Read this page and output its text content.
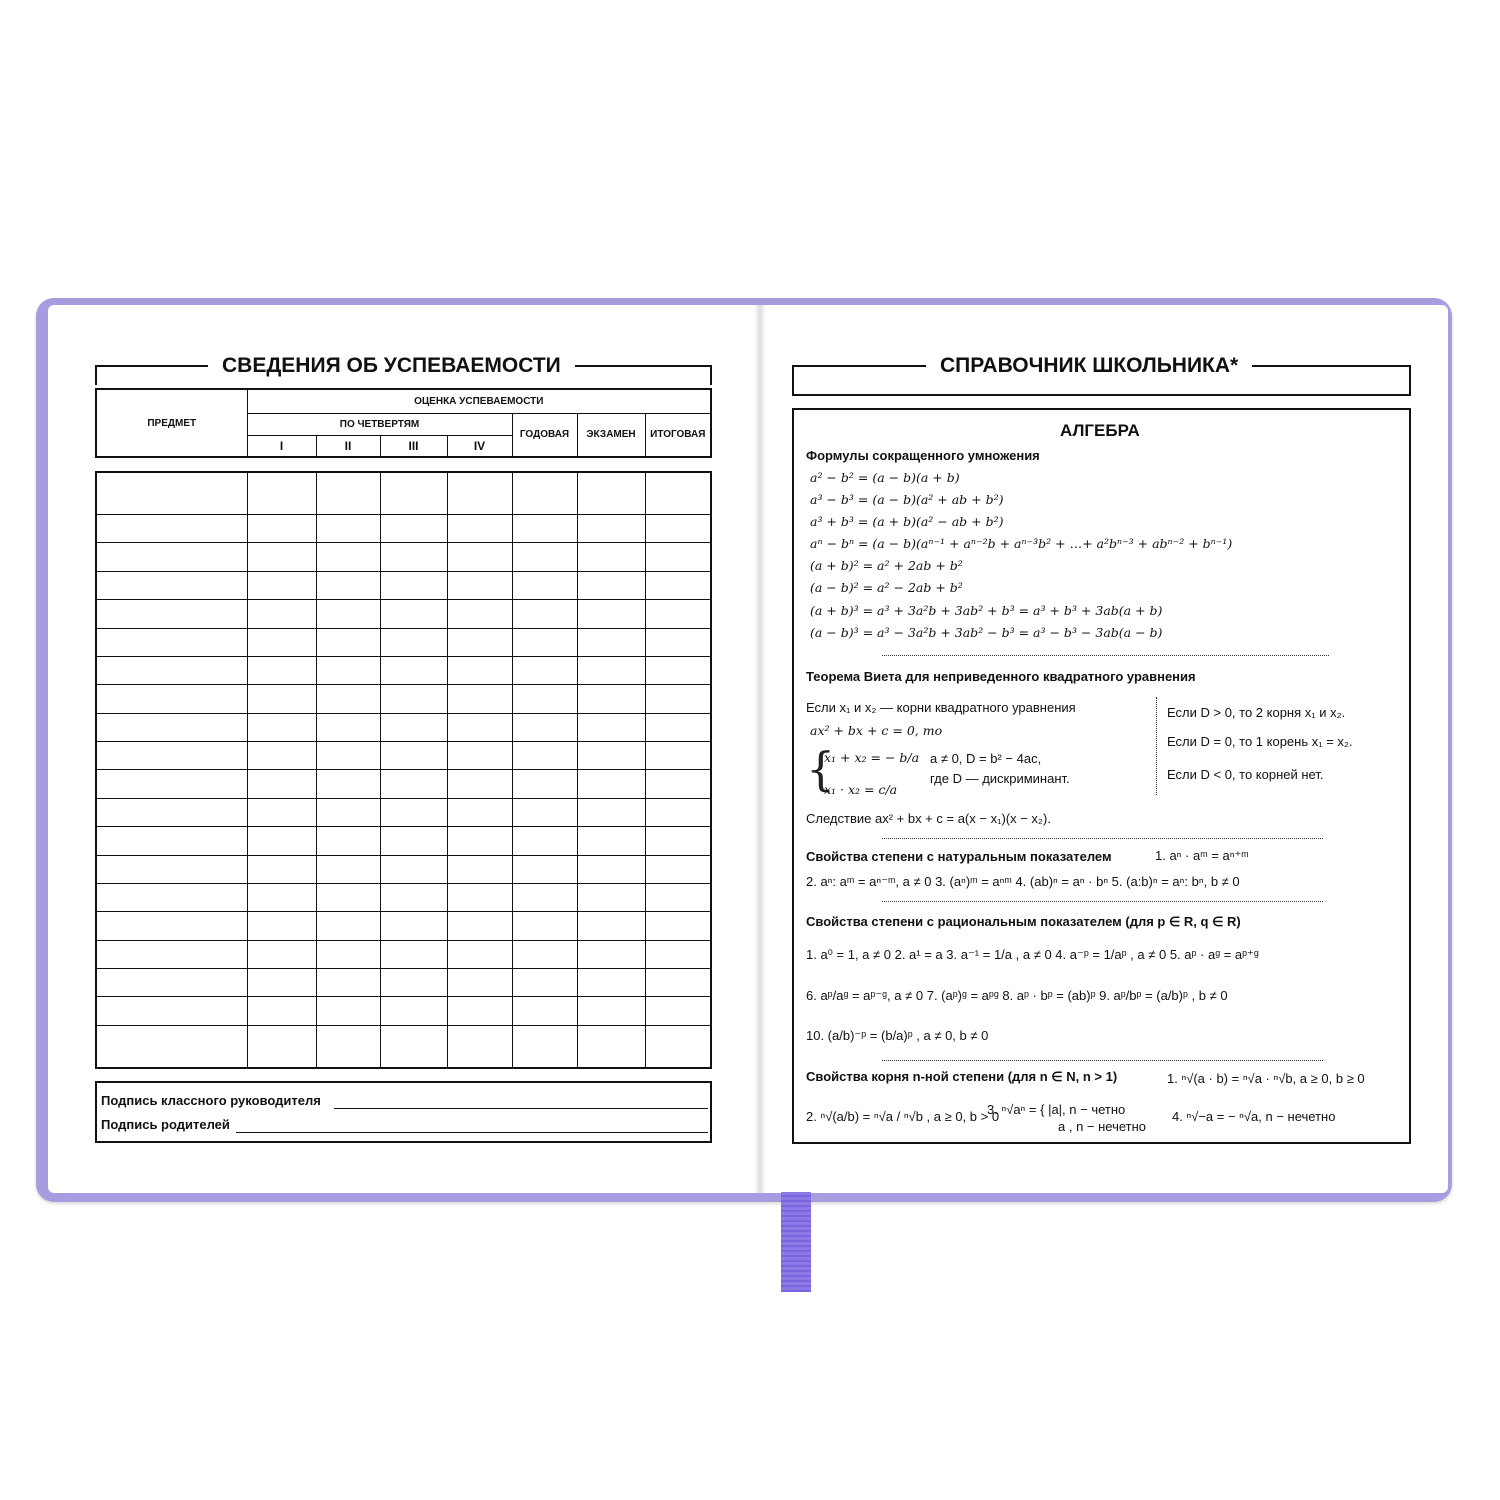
СВЕДЕНИЯ ОБ УСПЕВАЕМОСТИ
ПРЕДМЕТ	ОЦЕНКА УСПЕВАЕМОСТИ						
	ПО ЧЕТВЕРТЯМ				ГОДОВАЯ	ЭКЗАМЕН	ИТОГОВАЯ
	I	II	III	IV			

Подпись классного руководителя
Подпись родителей
СПРАВОЧНИК ШКОЛЬНИКА*
АЛГЕБРА
Формулы сокращенного умножения
a² − b² = (a − b)(a + b)
a³ − b³ = (a − b)(a² + ab + b²)
a³ + b³ = (a + b)(a² − ab + b²)
aⁿ − bⁿ = (a − b)(aⁿ⁻¹ + aⁿ⁻²b + aⁿ⁻³b² + …+ a²bⁿ⁻³ + abⁿ⁻² + bⁿ⁻¹)
(a + b)² = a² + 2ab + b²
(a − b)² = a² − 2ab + b²
(a + b)³ = a³ + 3a²b + 3ab² + b³ = a³ + b³ + 3ab(a + b)
(a − b)³ = a³ − 3a²b + 3ab² − b³ = a³ − b³ − 3ab(a − b)
Теорема Виета для неприведенного квадратного уравнения
Если x₁ и x₂ — корни квадратного уравнения
ax² + bx + c = 0, то
{
x₁ + x₂ = − b/a
x₁ · x₂ = c/a
a ≠ 0, D = b² − 4ac,
где D — дискриминант.
Если D > 0, то 2 корня x₁ и x₂.
Если D = 0, то 1 корень x₁ = x₂.
Если D < 0, то корней нет.
Следствие ax² + bx + c = a(x − x₁)(x − x₂).
Свойства степени с натуральным показателем	1. aⁿ · aᵐ = aⁿ⁺ᵐ
2. aⁿ: aᵐ = aⁿ⁻ᵐ, a ≠ 0 3. (aⁿ)ᵐ = aⁿᵐ 4. (ab)ⁿ = aⁿ · bⁿ 5. (a:b)ⁿ = aⁿ: bⁿ, b ≠ 0
Свойства степени с рациональным показателем (для p ∈ R, q ∈ R)
1. a⁰ = 1, a ≠ 0 2. a¹ = a 3. a⁻¹ = 1/a , a ≠ 0 4. a⁻ᵖ = 1/aᵖ , a ≠ 0 5. aᵖ · aᵍ = aᵖ⁺ᵍ
6. aᵖ/aᵍ = aᵖ⁻ᵍ, a ≠ 0 7. (aᵖ)ᵍ = aᵖᵍ 8. aᵖ · bᵖ = (ab)ᵖ 9. aᵖ/bᵖ = (a/b)ᵖ , b ≠ 0
10. (a/b)⁻ᵖ = (b/a)ᵖ , a ≠ 0, b ≠ 0
Свойства корня n-ной степени (для n ∈ N, n > 1)	1. ⁿ√(a · b) = ⁿ√a · ⁿ√b, a ≥ 0, b ≥ 0
2. ⁿ√(a/b) = ⁿ√a / ⁿ√b , a ≥ 0, b > 0
3. ⁿ√aⁿ = { |a|, n − четно
a , n − нечетно
4. ⁿ√−a = − ⁿ√a, n − нечетно
